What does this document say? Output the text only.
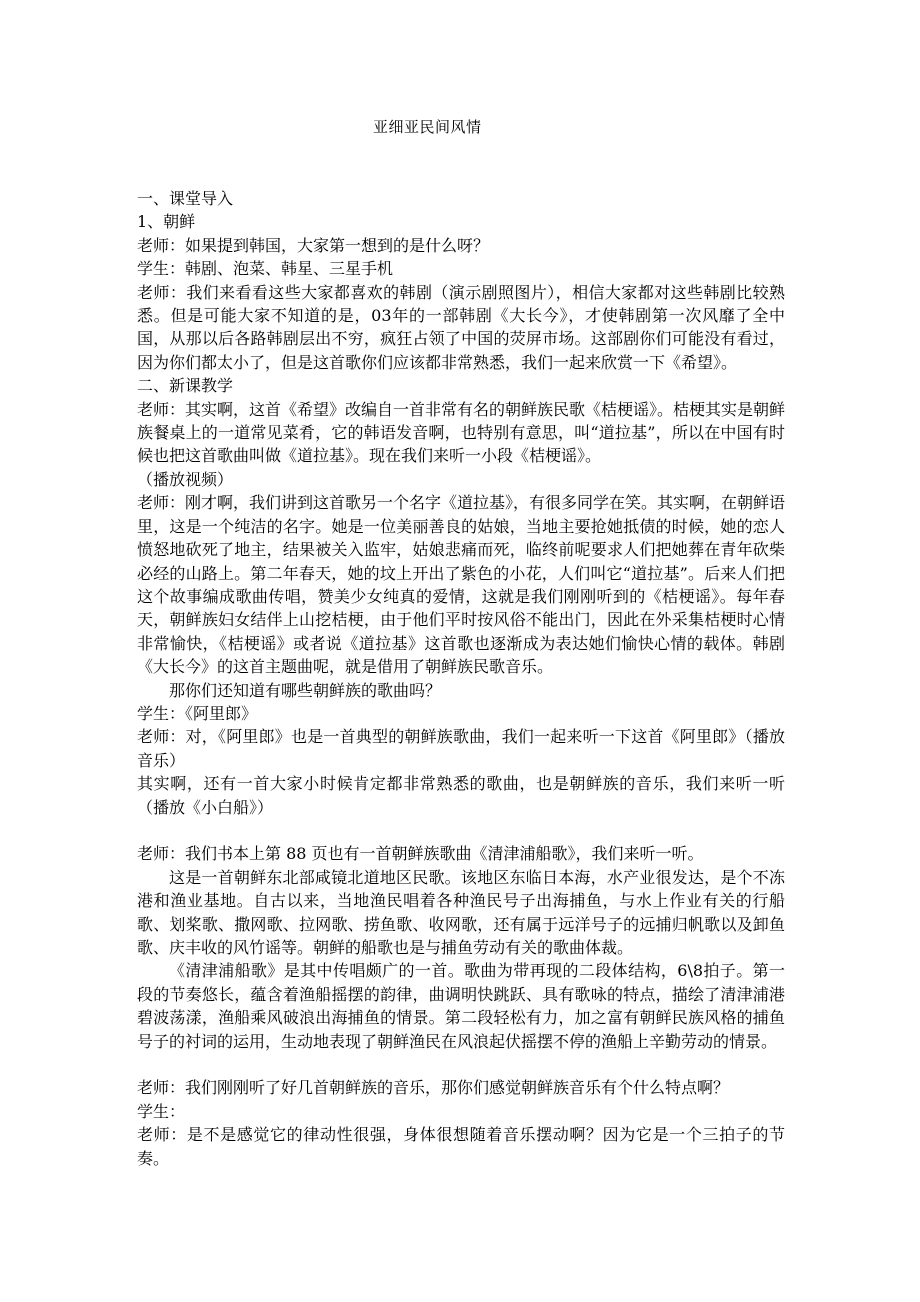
亚细亚民间风情

一、课堂导入

1、朝鲜

老师：如果提到韩国，大家第一想到的是什么呀？

学生：韩剧、泡菜、韩星、三星手机

老师：我们来看看这些大家都喜欢的韩剧（演示剧照图片），相信大家都对这些韩剧比较熟悉。但是可能大家不知道的是，03年的一部韩剧《大长今》，才使韩剧第一次风靡了全中国，从那以后各路韩剧层出不穷，疯狂占领了中国的荧屏市场。这部剧你们可能没有看过，因为你们都太小了，但是这首歌你们应该都非常熟悉，我们一起来欣赏一下《希望》。

二、新课教学

老师：其实啊，这首《希望》改编自一首非常有名的朝鲜族民歌《桔梗谣》。桔梗其实是朝鲜族餐桌上的一道常见菜肴，它的韩语发音啊，也特别有意思，叫“道拉基”，所以在中国有时候也把这首歌曲叫做《道拉基》。现在我们来听一小段《桔梗谣》。

（播放视频）

老师：刚才啊，我们讲到这首歌另一个名字《道拉基》，有很多同学在笑。其实啊，在朝鲜语里，这是一个纯洁的名字。她是一位美丽善良的姑娘，当地主要抢她抵债的时候，她的恋人愤怒地砍死了地主，结果被关入监牢，姑娘悲痛而死，临终前呢要求人们把她葬在青年砍柴必经的山路上。第二年春天，她的坟上开出了紫色的小花，人们叫它“道拉基”。后来人们把这个故事编成歌曲传唱，赞美少女纯真的爱情，这就是我们刚刚听到的《桔梗谣》。每年春天，朝鲜族妇女结伴上山挖桔梗，由于他们平时按风俗不能出门，因此在外采集桔梗时心情非常愉快，《桔梗谣》或者说《道拉基》这首歌也逐渐成为表达她们愉快心情的载体。韩剧《大长今》的这首主题曲呢，就是借用了朝鲜族民歌音乐。

那你们还知道有哪些朝鲜族的歌曲吗？

学生：《阿里郎》

老师：对，《阿里郎》也是一首典型的朝鲜族歌曲，我们一起来听一下这首《阿里郎》（播放音乐）

其实啊，还有一首大家小时候肯定都非常熟悉的歌曲，也是朝鲜族的音乐，我们来听一听（播放《小白船》）

老师：我们书本上第 88 页也有一首朝鲜族歌曲《清津浦船歌》，我们来听一听。

这是一首朝鲜东北部咸镜北道地区民歌。该地区东临日本海，水产业很发达，是个不冻港和渔业基地。自古以来，当地渔民唱着各种渔民号子出海捕鱼，与水上作业有关的行船歌、划桨歌、撒网歌、拉网歌、捞鱼歌、收网歌，还有属于远洋号子的远捕归帆歌以及卸鱼歌、庆丰收的风竹谣等。朝鲜的船歌也是与捕鱼劳动有关的歌曲体裁。

《清津浦船歌》是其中传唱颇广的一首。歌曲为带再现的二段体结构，6\8拍子。第一段的节奏悠长，蕴含着渔船摇摆的韵律，曲调明快跳跃、具有歌咏的特点，描绘了清津浦港碧波荡漾，渔船乘风破浪出海捕鱼的情景。第二段轻松有力，加之富有朝鲜民族风格的捕鱼号子的衬词的运用，生动地表现了朝鲜渔民在风浪起伏摇摆不停的渔船上辛勤劳动的情景。

老师：我们刚刚听了好几首朝鲜族的音乐，那你们感觉朝鲜族音乐有个什么特点啊？

学生：

老师：是不是感觉它的律动性很强，身体很想随着音乐摆动啊？因为它是一个三拍子的节奏。
